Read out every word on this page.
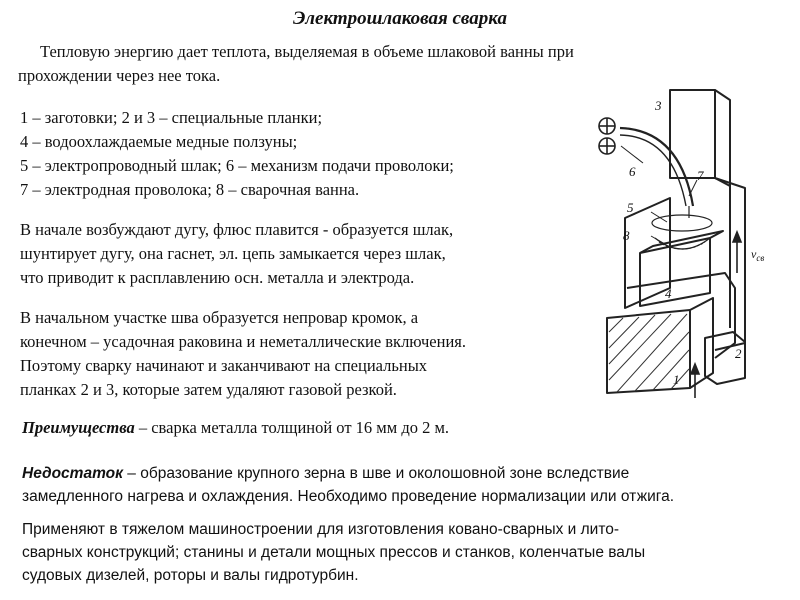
Электрошлаковая сварка
Тепловую энергию дает теплота, выделяемая в объеме шлаковой ванны при
прохождении через нее тока.
1 – заготовки; 2 и 3 – специальные планки;
4 – водоохлаждаемые медные ползуны;
5 – электропроводный шлак; 6 – механизм подачи проволоки;
7 – электродная проволока; 8 – сварочная ванна.
В начале возбуждают дугу, флюс плавится - образуется шлак,
шунтирует дугу, она гаснет, эл. цепь замыкается через шлак,
что приводит к расплавлению осн. металла и электрода.
В начальном участке шва образуется непровар кромок, а
конечном – усадочная раковина и неметаллические включения.
Поэтому сварку начинают и заканчивают на специальных
планках 2 и 3, которые затем удаляют газовой резкой.
Преимущества – сварка металла толщиной от 16 мм до 2 м.
Недостаток – образование крупного зерна в шве и околошовной зоне вследствие
замедленного нагрева и охлаждения. Необходимо проведение нормализации или отжига.
Применяют в тяжелом машиностроении для изготовления ковано-сварных и лито-
сварных конструкций; станины и детали мощных прессов и станков, коленчатые валы
судовых дизелей, роторы и валы гидротурбин.
3
6	7
5
8
4
2
1
$v_{св}$
